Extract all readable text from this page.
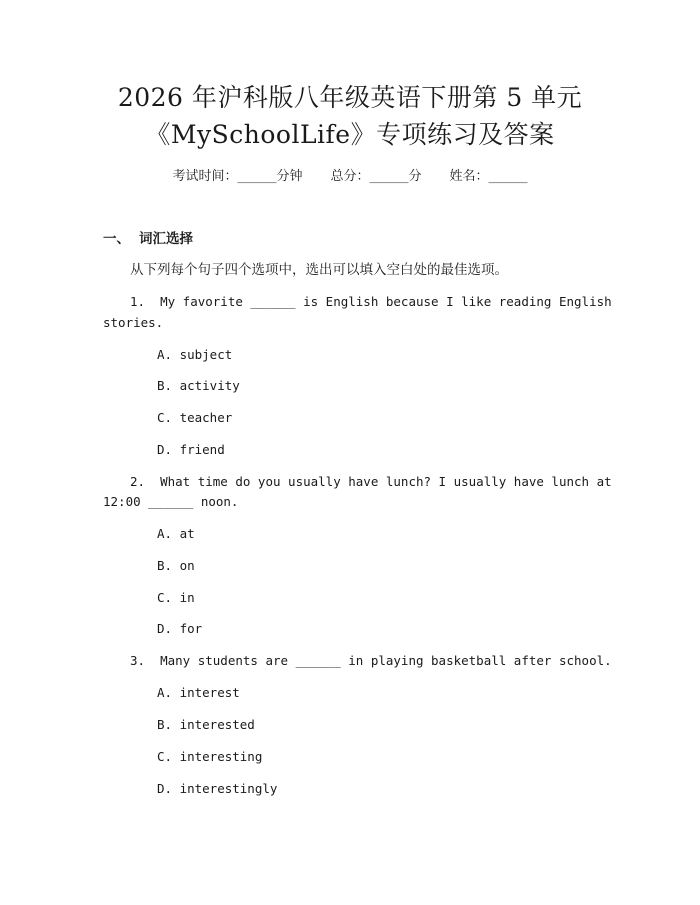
2026 年沪科版八年级英语下册第 5 单元
《MySchoolLife》专项练习及答案
考试时间：______分钟 总分：______分 姓名：______
一、 词汇选择
从下列每个句子四个选项中，选出可以填入空白处的最佳选项。
1.  My favorite ______ is English because I like reading English
stories.
A. subject
B. activity
C. teacher
D. friend
2.  What time do you usually have lunch? I usually have lunch at
12:00 ______ noon.
A. at
B. on
C. in
D. for
3.  Many students are ______ in playing basketball after school.
A. interest
B. interested
C. interesting
D. interestingly
